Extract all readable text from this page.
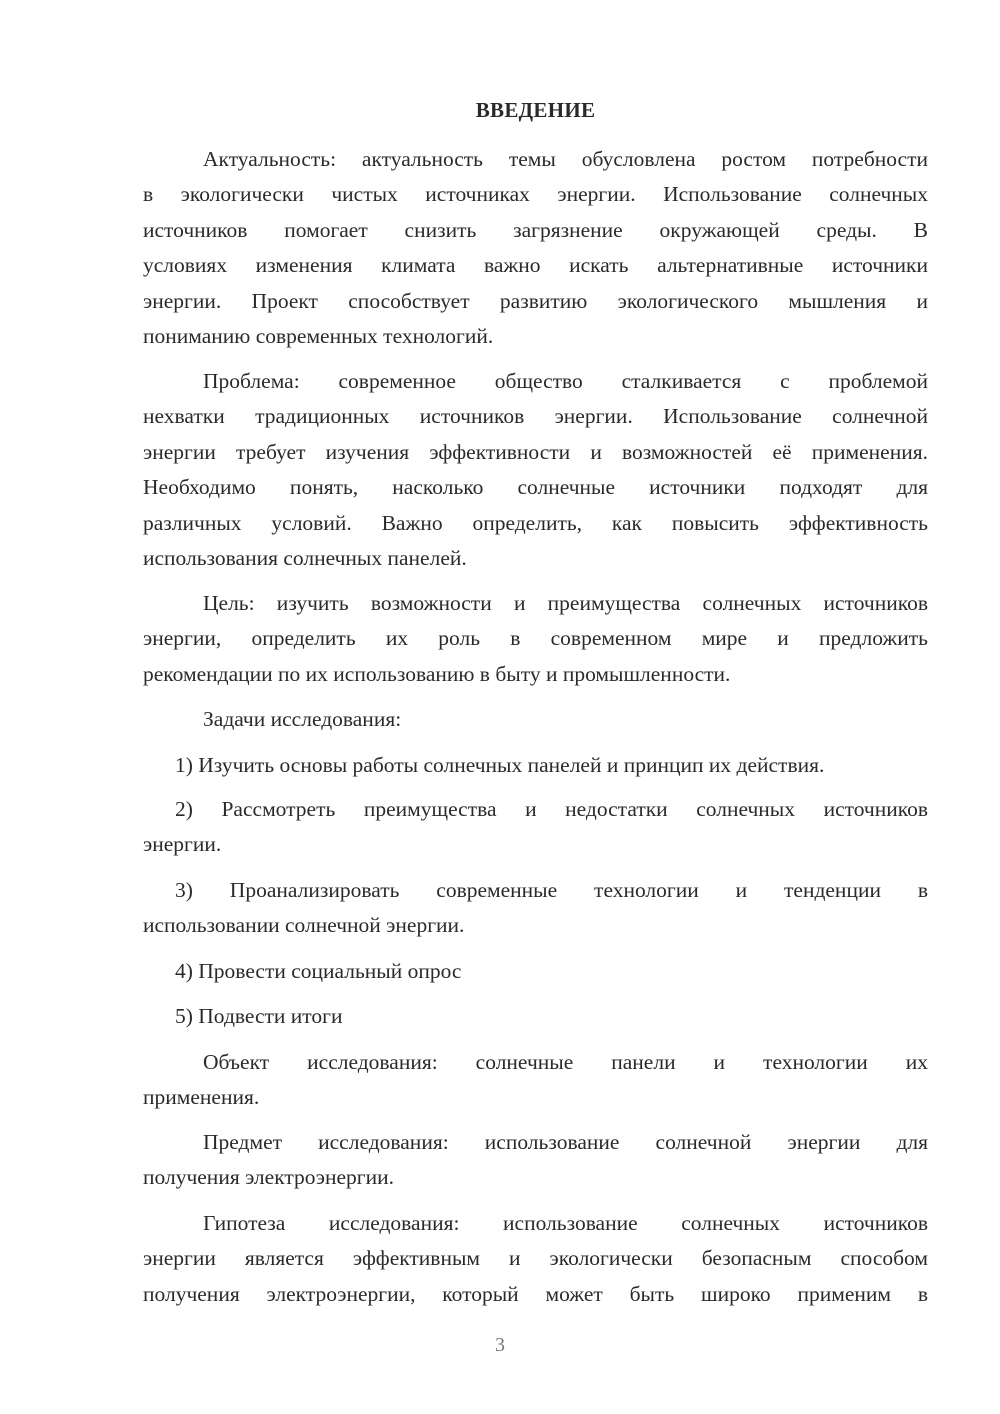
ВВЕДЕНИЕ
Актуальность: актуальность темы обусловлена ростом потребности
в экологически чистых источниках энергии. Использование солнечных
источников помогает снизить загрязнение окружающей среды. В
условиях изменения климата важно искать альтернативные источники
энергии. Проект способствует развитию экологического мышления и
пониманию современных технологий.
Проблема: современное общество сталкивается с проблемой
нехватки традиционных источников энергии. Использование солнечной
энергии требует изучения эффективности и возможностей её применения.
Необходимо понять, насколько солнечные источники подходят для
различных условий. Важно определить, как повысить эффективность
использования солнечных панелей.
Цель: изучить возможности и преимущества солнечных источников
энергии, определить их роль в современном мире и предложить
рекомендации по их использованию в быту и промышленности.
Задачи исследования:
1) Изучить основы работы солнечных панелей и принцип их действия.
2) Рассмотреть преимущества и недостатки солнечных источников
энергии.
3) Проанализировать современные технологии и тенденции в
использовании солнечной энергии.
4) Провести социальный опрос
5) Подвести итоги
Объект исследования: солнечные панели и технологии их
применения.
Предмет исследования: использование солнечной энергии для
получения электроэнергии.
Гипотеза исследования: использование солнечных источников
энергии является эффективным и экологически безопасным способом
получения электроэнергии, который может быть широко применим в
3
